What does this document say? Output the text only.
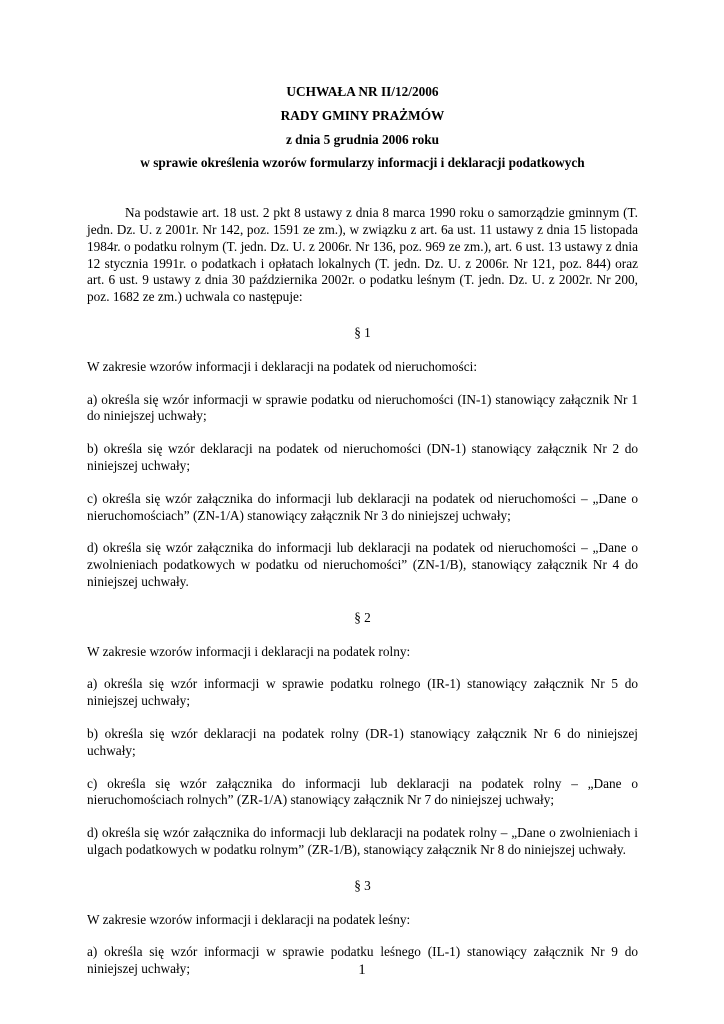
UCHWAŁA NR II/12/2006

RADY GMINY PRAŻMÓW

z dnia 5 grudnia 2006 roku

w sprawie określenia wzorów formularzy informacji i deklaracji podatkowych

Na podstawie art. 18 ust. 2 pkt 8 ustawy z dnia 8 marca 1990 roku o samorządzie gminnym (T. jedn. Dz. U. z 2001r. Nr 142, poz. 1591 ze zm.), w związku z art. 6a ust. 11 ustawy z dnia 15 listopada 1984r. o podatku rolnym (T. jedn. Dz. U. z 2006r. Nr 136, poz. 969 ze zm.), art. 6 ust. 13 ustawy z dnia 12 stycznia 1991r. o podatkach i opłatach lokalnych (T. jedn. Dz. U. z 2006r. Nr 121, poz. 844) oraz art. 6 ust. 9 ustawy z dnia 30 października 2002r. o podatku leśnym (T. jedn. Dz. U. z 2002r. Nr 200, poz. 1682 ze zm.) uchwala co następuje:

§ 1

W zakresie wzorów informacji i deklaracji na podatek od nieruchomości:

a) określa się wzór informacji w sprawie podatku od nieruchomości (IN-1) stanowiący załącznik Nr 1 do niniejszej uchwały;

b) określa się wzór deklaracji na podatek od nieruchomości (DN-1) stanowiący załącznik Nr 2 do niniejszej uchwały;

c) określa się wzór załącznika do informacji lub deklaracji na podatek od nieruchomości – „Dane o nieruchomościach” (ZN-1/A) stanowiący załącznik Nr 3 do niniejszej uchwały;

d) określa się wzór załącznika do informacji lub deklaracji na podatek od nieruchomości – „Dane o zwolnieniach podatkowych w podatku od nieruchomości” (ZN-1/B), stanowiący załącznik Nr 4 do niniejszej uchwały.

§ 2

W zakresie wzorów informacji i deklaracji na podatek rolny:

a) określa się wzór informacji w sprawie podatku rolnego (IR-1) stanowiący załącznik Nr 5 do niniejszej uchwały;

b) określa się wzór deklaracji na podatek rolny (DR-1) stanowiący załącznik Nr 6 do niniejszej uchwały;

c) określa się wzór załącznika do informacji lub deklaracji na podatek rolny – „Dane o nieruchomościach rolnych” (ZR-1/A) stanowiący załącznik Nr 7 do niniejszej uchwały;

d) określa się wzór załącznika do informacji lub deklaracji na podatek rolny – „Dane o zwolnieniach i ulgach podatkowych w podatku rolnym” (ZR-1/B), stanowiący załącznik Nr 8 do niniejszej uchwały.

§ 3

W zakresie wzorów informacji i deklaracji na podatek leśny:

a) określa się wzór informacji w sprawie podatku leśnego (IL-1) stanowiący załącznik Nr 9 do niniejszej uchwały;	1
